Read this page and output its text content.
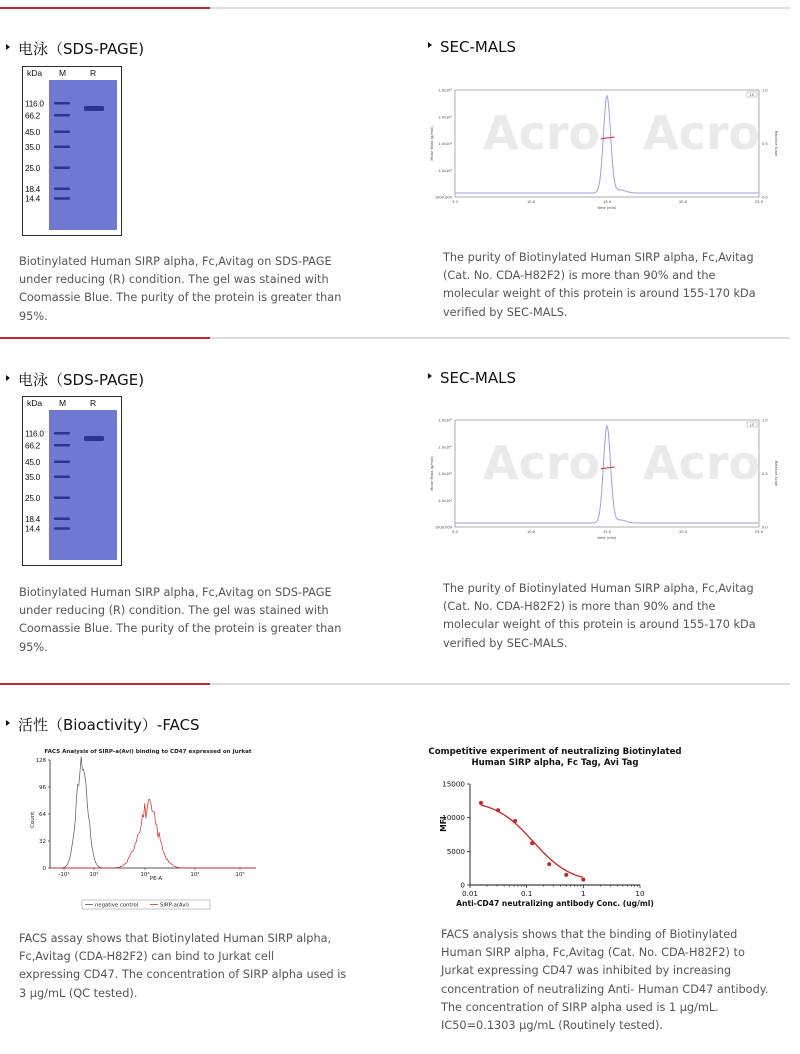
电泳（SDS-PAGE)	SEC-MALS
kDa M	R
116.0
66.2
45.0
35.0
25.0
18.4
14.4
Acro Acro
1.0x10⁶
1.0x10⁵
1.0x10⁴
1.0x10³
1000.000
1.0
0.5
0.0
5.0	10.0	15.0	20.0	25.0
time (min)
Molar Mass (g/mol)	Relative Scale
LS
Biotinylated Human SIRP alpha, Fc,Avitag on SDS-PAGE
under reducing (R) condition. The gel was stained with
Coomassie Blue. The purity of the protein is greater than
95%.
The purity of Biotinylated Human SIRP alpha, Fc,Avitag
(Cat. No. CDA-H82F2) is more than 90% and the
molecular weight of this protein is around 155-170 kDa
verified by SEC-MALS.
电泳（SDS-PAGE)	SEC-MALS
kDa M	R
116.0
66.2
45.0
35.0
25.0
18.4
14.4
Acro Acro
1.0x10⁶
1.0x10⁵
1.0x10⁴
1.0x10³
1000.000
1.0
0.5
0.0
5.0	10.0	15.0	20.0	25.0
time (min)
Molar Mass (g/mol)	Relative Scale
LS
Biotinylated Human SIRP alpha, Fc,Avitag on SDS-PAGE
under reducing (R) condition. The gel was stained with
Coomassie Blue. The purity of the protein is greater than
95%.
The purity of Biotinylated Human SIRP alpha, Fc,Avitag
(Cat. No. CDA-H82F2) is more than 90% and the
molecular weight of this protein is around 155-170 kDa
verified by SEC-MALS.
活性（Bioactivity）-FACS
FACS Analysis of SIRP-a(Avi) binding to CD47 expressed on Jurkat
Count
PE-A
128
96
64
32
0
-10¹	10²	10³	10⁴	10⁵
negative control	SIRP-a(Avi)
Competitive experiment of neutralizing Biotinylated
Human SIRP alpha, Fc Tag, Avi Tag
15000
10000
5000
0
0.01	0.1	1	10
MFI
Anti-CD47 neutralizing antibody Conc. (ug/ml)
FACS assay shows that Biotinylated Human SIRP alpha,
Fc,Avitag (CDA-H82F2) can bind to Jurkat cell
expressing CD47. The concentration of SIRP alpha used is
3 μg/mL (QC tested).
FACS analysis shows that the binding of Biotinylated
Human SIRP alpha, Fc,Avitag (Cat. No. CDA-H82F2) to
Jurkat expressing CD47 was inhibited by increasing
concentration of neutralizing Anti- Human CD47 antibody.
The concentration of SIRP alpha used is 1 μg/mL.
IC50=0.1303 μg/mL (Routinely tested).
